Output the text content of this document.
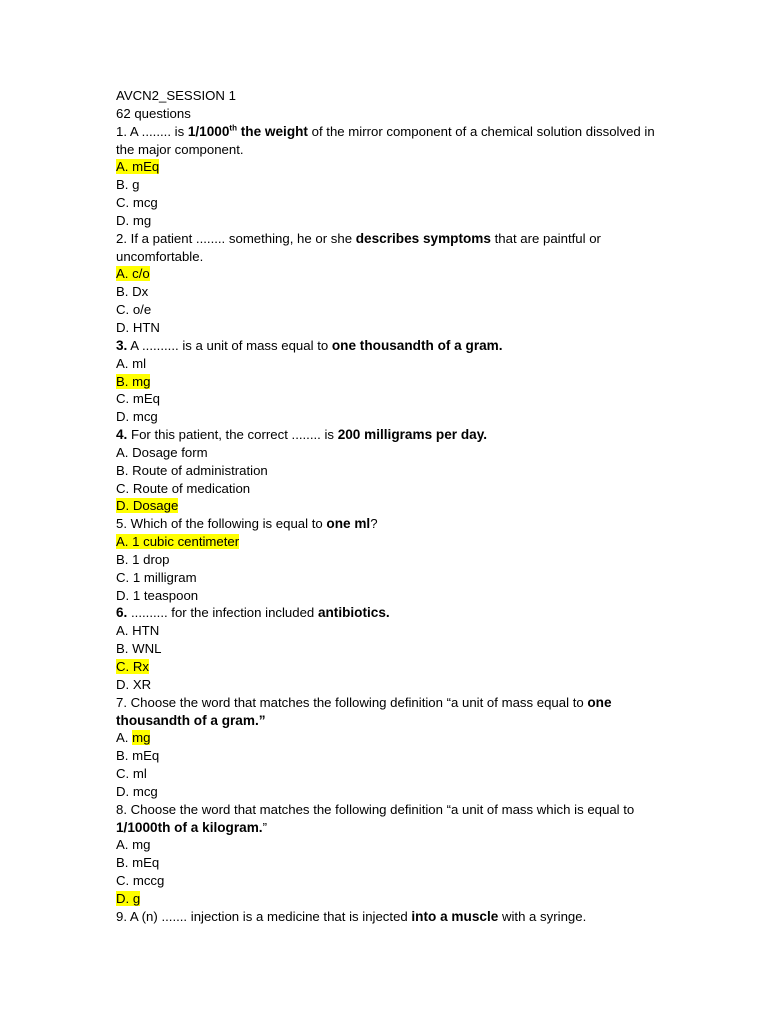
AVCN2_SESSION 1
62 questions
1. A ........ is 1/1000th the weight of the mirror component of a chemical solution dissolved in the major component.
A. mEq
B. g
C. mcg
D. mg
2. If a patient ........ something, he or she describes symptoms that are paintful or uncomfortable.
A. c/o
B. Dx
C. o/e
D. HTN
3. A .......... is a unit of mass equal to one thousandth of a gram.
A. ml
B. mg
C. mEq
D. mcg
4. For this patient, the correct ........ is 200 milligrams per day.
A. Dosage form
B. Route of administration
C. Route of medication
D. Dosage
5. Which of the following is equal to one ml?
A. 1 cubic centimeter
B. 1 drop
C. 1 milligram
D. 1 teaspoon
6. .......... for the infection included antibiotics.
A. HTN
B. WNL
C. Rx
D. XR
7. Choose the word that matches the following definition “a unit of mass equal to one thousandth of a gram.”
A. mg
B. mEq
C. ml
D. mcg
8. Choose the word that matches the following definition “a unit of mass which is equal to 1/1000th of a kilogram.”
A. mg
B. mEq
C. mccg
D. g
9. A (n) ....... injection is a medicine that is injected into a muscle with a syringe.
